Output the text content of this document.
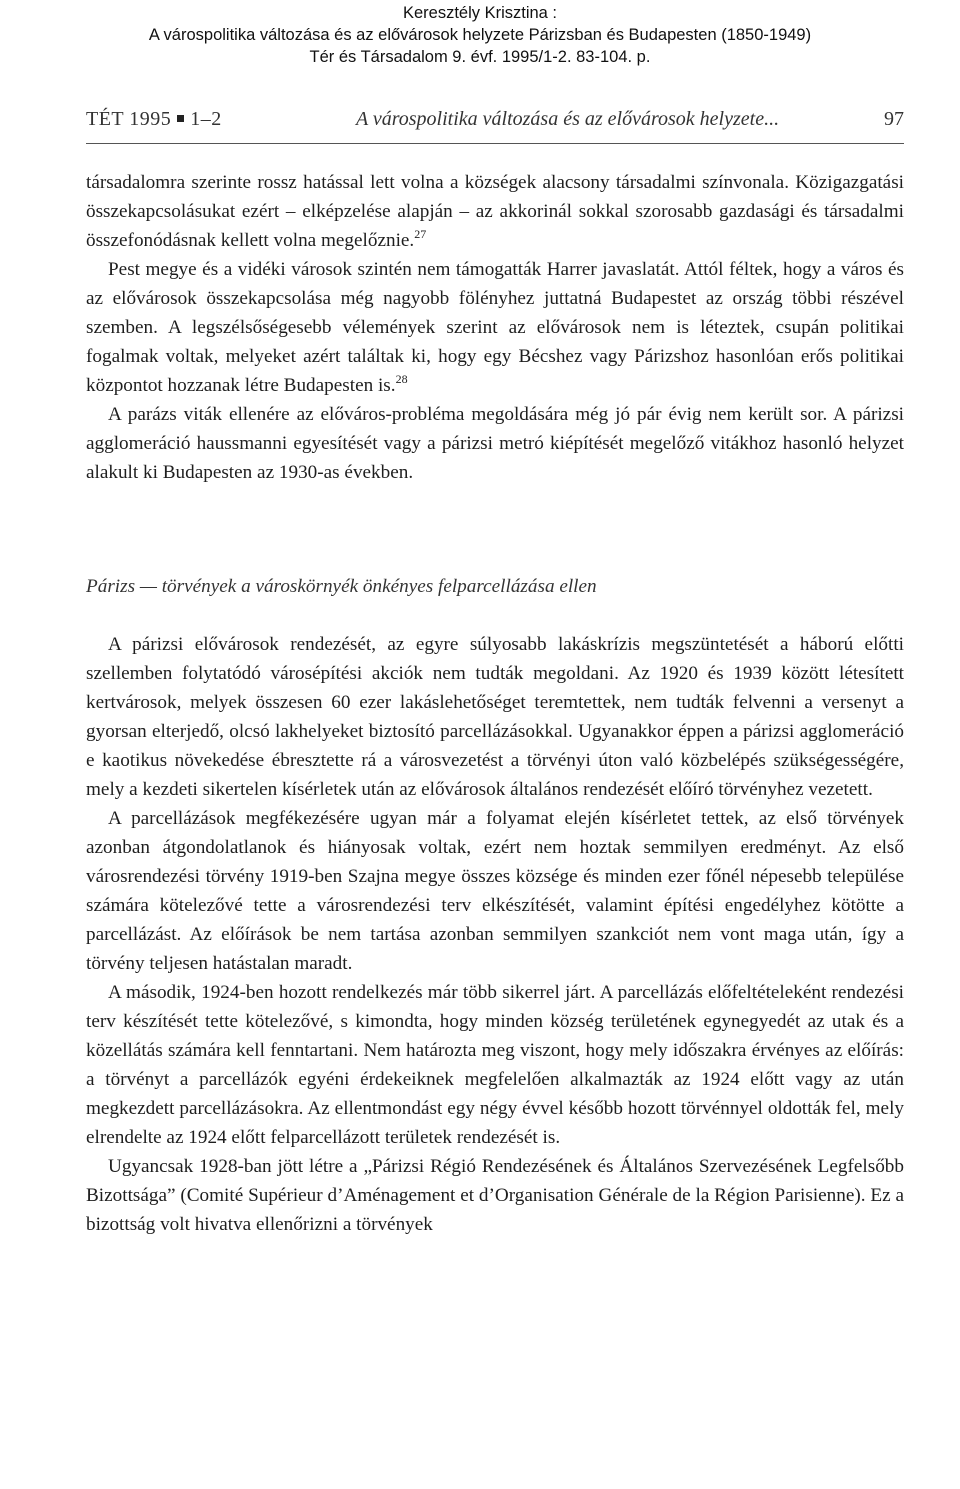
Keresztély Krisztina :
A várospolitika változása és az elővárosok helyzete Párizsban és Budapesten (1850-1949)
Tér és Társadalom 9. évf. 1995/1-2. 83-104. p.
TÉT 1995 1–2	A várospolitika változása és az elővárosok helyzete...	97

társadalomra szerinte rossz hatással lett volna a községek alacsony társadalmi színvonala. Közigazgatási összekapcsolásukat ezért – elképzelése alapján – az akkorinál sokkal szorosabb gazdasági és társadalmi összefonódásnak kellett volna megelőznie.$^{27}$

Pest megye és a vidéki városok szintén nem támogatták Harrer javaslatát. Attól féltek, hogy a város és az elővárosok összekapcsolása még nagyobb fölényhez juttatná Budapestet az ország többi részével szemben. A legszélsőségesebb vélemények szerint az elővárosok nem is léteztek, csupán politikai fogalmak voltak, melyeket azért találtak ki, hogy egy Bécshez vagy Párizshoz hasonlóan erős politikai központot hozzanak létre Budapesten is.$^{28}$

A parázs viták ellenére az előváros-probléma megoldására még jó pár évig nem került sor. A párizsi agglomeráció haussmanni egyesítését vagy a párizsi metró kiépítését megelőző vitákhoz hasonló helyzet alakult ki Budapesten az 1930-as években.

Párizs — törvények a városkörnyék önkényes felparcellázása ellen

A párizsi elővárosok rendezését, az egyre súlyosabb lakáskrízis megszüntetését a háború előtti szellemben folytatódó városépítési akciók nem tudták megoldani. Az 1920 és 1939 között létesített kertvárosok, melyek összesen 60 ezer lakáslehetőséget teremtettek, nem tudták felvenni a versenyt a gyorsan elterjedő, olcsó lakhelyeket biztosító parcellázásokkal. Ugyanakkor éppen a párizsi agglomeráció e kaotikus növekedése ébresztette rá a városvezetést a törvényi úton való közbelépés szükségességére, mely a kezdeti sikertelen kísérletek után az elővárosok általános rendezését előíró törvényhez vezetett.

A parcellázások megfékezésére ugyan már a folyamat elején kísérletet tettek, az első törvények azonban átgondolatlanok és hiányosak voltak, ezért nem hoztak semmilyen eredményt. Az első városrendezési törvény 1919-ben Szajna megye összes községe és minden ezer főnél népesebb települése számára kötelezővé tette a városrendezési terv elkészítését, valamint építési engedélyhez kötötte a parcellázást. Az előírások be nem tartása azonban semmilyen szankciót nem vont maga után, így a törvény teljesen hatástalan maradt.

A második, 1924-ben hozott rendelkezés már több sikerrel járt. A parcellázás előfeltételeként rendezési terv készítését tette kötelezővé, s kimondta, hogy minden község területének egynegyedét az utak és a közellátás számára kell fenntartani. Nem határozta meg viszont, hogy mely időszakra érvényes az előírás: a törvényt a parcellázók egyéni érdekeiknek megfelelően alkalmazták az 1924 előtt vagy az után megkezdett parcellázásokra. Az ellentmondást egy négy évvel később hozott törvénnyel oldották fel, mely elrendelte az 1924 előtt felparcellázott területek rendezését is.

Ugyancsak 1928-ban jött létre a „Párizsi Régió Rendezésének és Általános Szervezésének Legfelsőbb Bizottsága” (Comité Supérieur d’Aménagement et d’Organisation Générale de la Région Parisienne). Ez a bizottság volt hivatva ellenőrizni a törvények
